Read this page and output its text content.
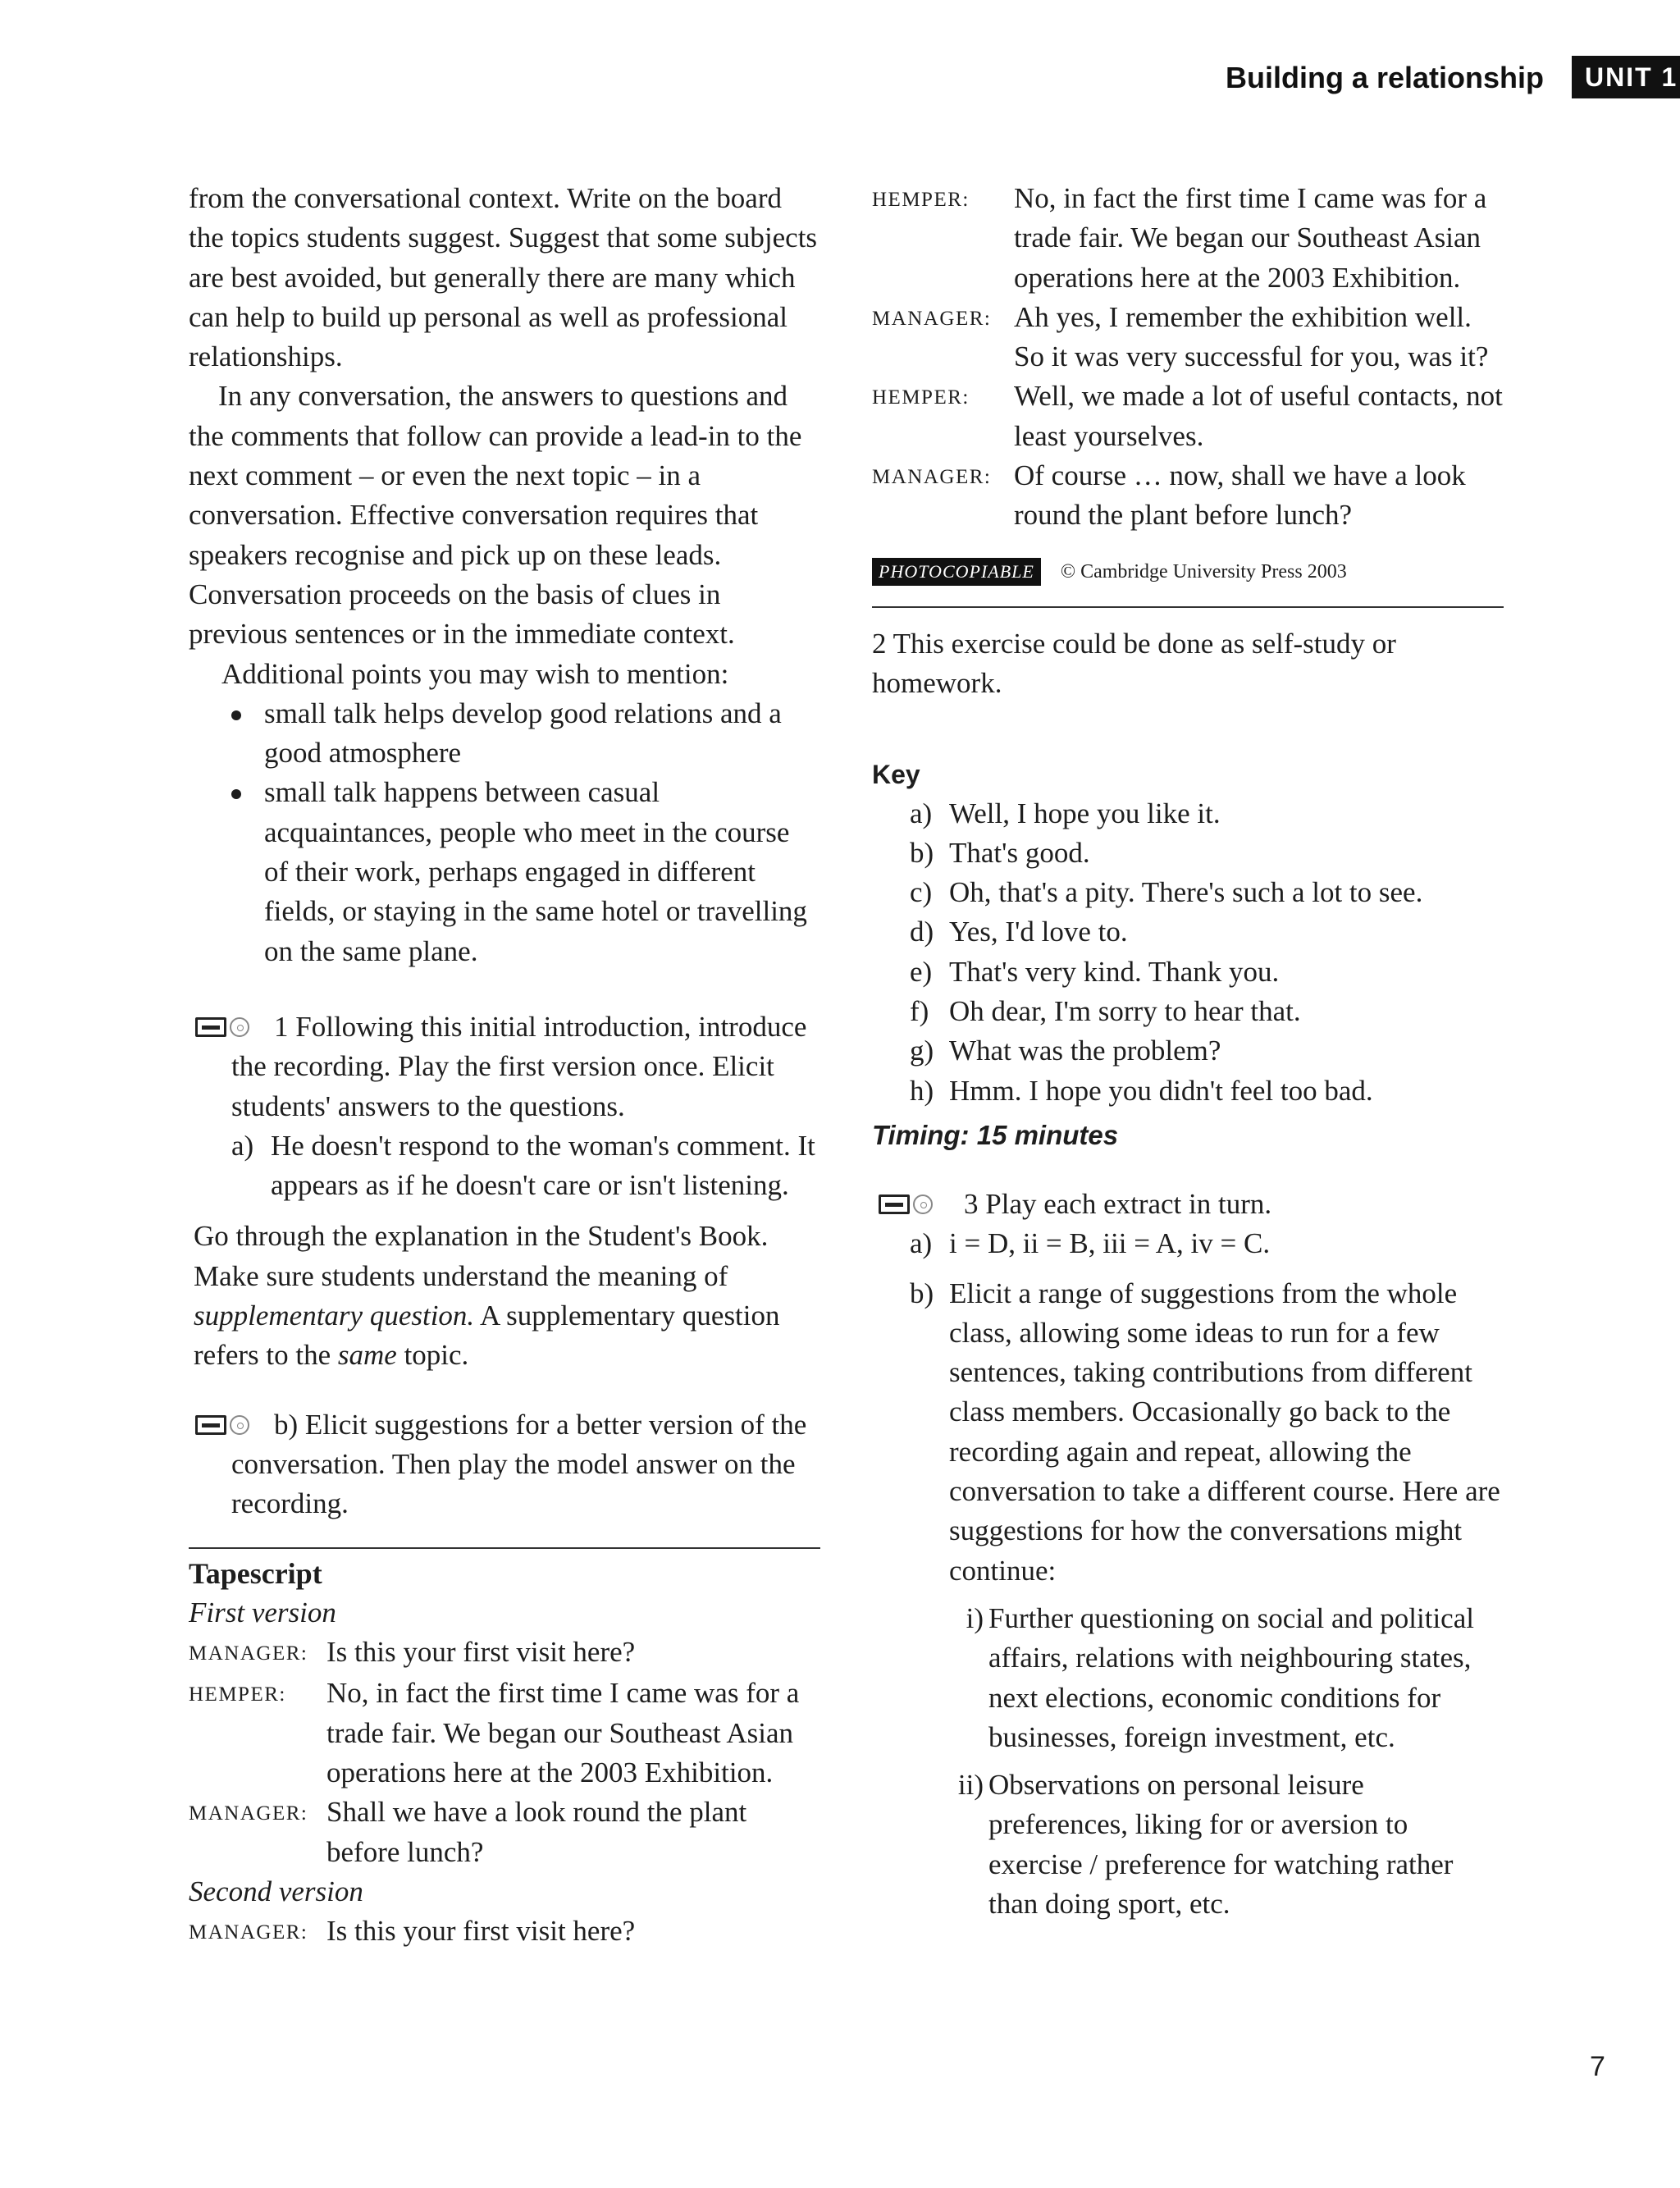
Building a relationship	UNIT 1

from the conversational context. Write on the board the topics students suggest. Suggest that some subjects are best avoided, but generally there are many which can help to build up personal as well as professional relationships.

In any conversation, the answers to questions and the comments that follow can provide a lead-in to the next comment – or even the next topic – in a conversation. Effective conversation requires that speakers recognise and pick up on these leads. Conversation proceeds on the basis of clues in previous sentences or in the immediate context.

Additional points you may wish to mention:

small talk helps develop good relations and a good atmosphere
small talk happens between casual acquaintances, people who meet in the course of their work, perhaps engaged in different fields, or staying in the same hotel or travelling on the same plane.

1 Following this initial introduction, introduce the recording. Play the first version once. Elicit students' answers to the questions.

a) He doesn't respond to the woman's comment. It appears as if he doesn't care or isn't listening.

Go through the explanation in the Student's Book. Make sure students understand the meaning of supplementary question. A supplementary question refers to the same topic.

b) Elicit suggestions for a better version of the conversation. Then play the model answer on the recording.

Tapescript
First version
MANAGER: Is this your first visit here?
HEMPER:	No, in fact the first time I came was for a trade fair. We began our Southeast Asian operations here at the 2003 Exhibition.
MANAGER: Shall we have a look round the plant before lunch?
Second version
MANAGER: Is this your first visit here?
HEMPER:	No, in fact the first time I came was for a trade fair. We began our Southeast Asian operations here at the 2003 Exhibition.
MANAGER: Ah yes, I remember the exhibition well. So it was very successful for you, was it?
HEMPER:	Well, we made a lot of useful contacts, not least yourselves.
MANAGER: Of course … now, shall we have a look round the plant before lunch?
PHOTOCOPIABLE	© Cambridge University Press 2003

2 This exercise could be done as self-study or homework.

Key
a) Well, I hope you like it.
b) That's good.
c) Oh, that's a pity. There's such a lot to see.
d) Yes, I'd love to.
e) That's very kind. Thank you.
f) Oh dear, I'm sorry to hear that.
g) What was the problem?
h) Hmm. I hope you didn't feel too bad.
Timing: 15 minutes

3 Play each extract in turn.

a) i = D, ii = B, iii = A, iv = C.
b) Elicit a range of suggestions from the whole class, allowing some ideas to run for a few sentences, taking contributions from different class members. Occasionally go back to the recording again and repeat, allowing the conversation to take a different course. Here are suggestions for how the conversations might continue:
i) Further questioning on social and political affairs, relations with neighbouring states, next elections, economic conditions for businesses, foreign investment, etc.
ii) Observations on personal leisure preferences, liking for or aversion to exercise / preference for watching rather than doing sport, etc.
7
